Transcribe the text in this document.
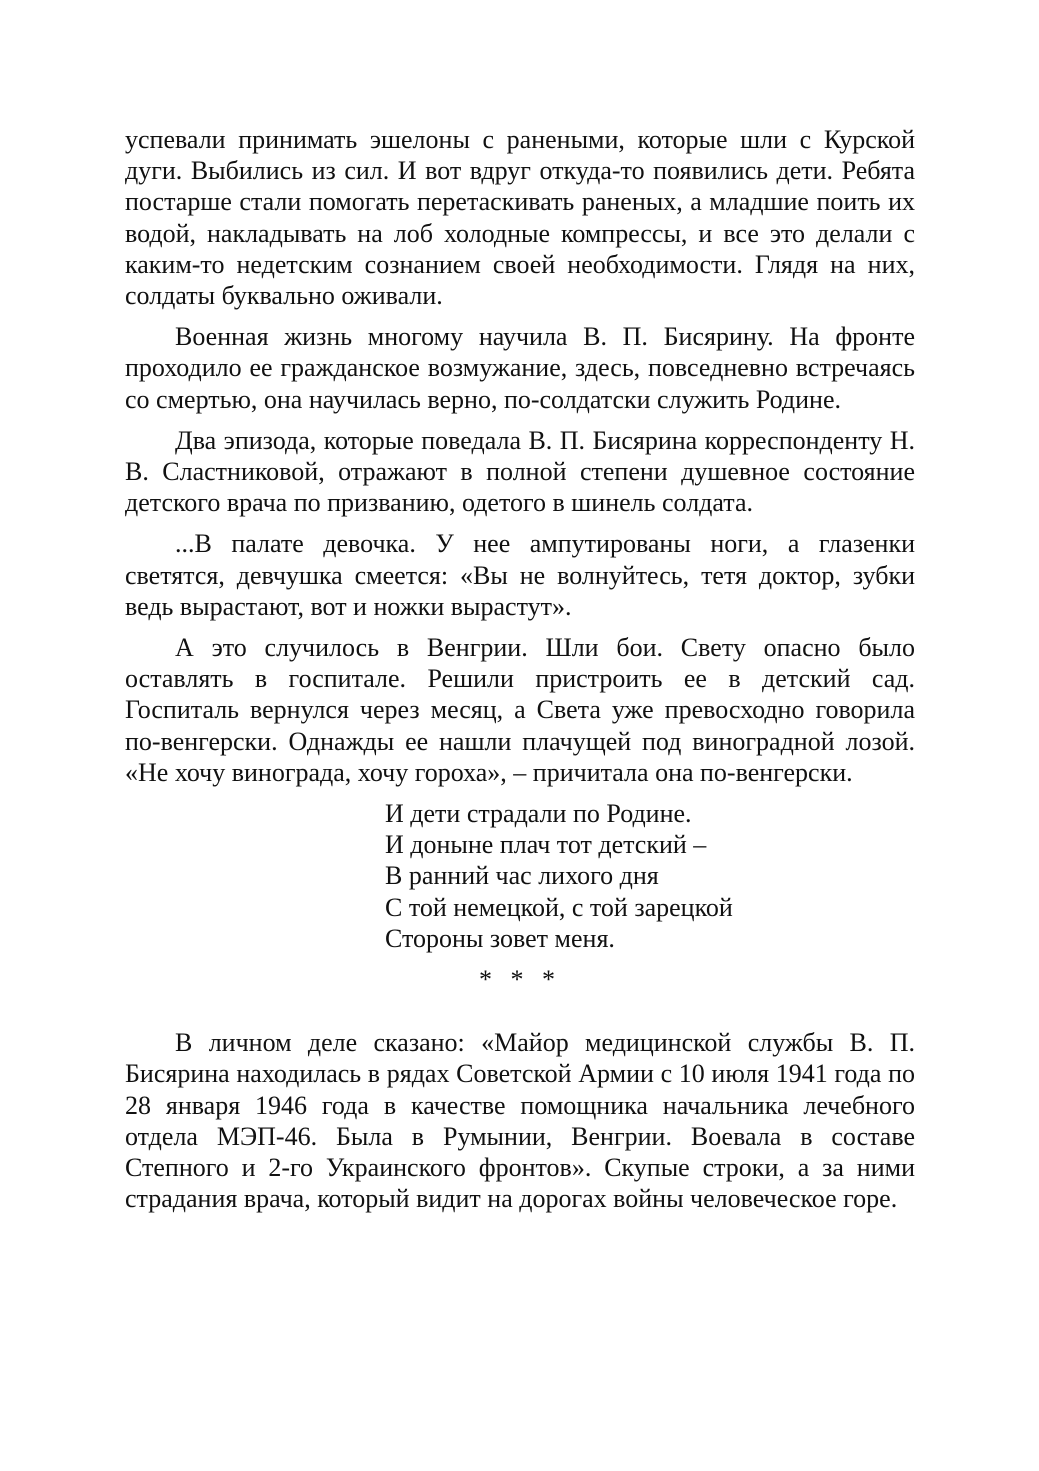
успевали принимать эшелоны с ранеными, которые шли с Курской дуги. Выбились из сил. И вот вдруг откуда-то появились дети. Ребята постарше стали помогать перетаскивать раненых, а младшие поить их водой, накладывать на лоб холодные компрессы, и все это делали с каким-то недетским сознанием своей необходимости. Глядя на них, солдаты буквально оживали.

Военная жизнь многому научила В. П. Бисярину. На фронте проходило ее гражданское возмужание, здесь, повседневно встречаясь со смертью, она научилась верно, по-солдатски служить Родине.

Два эпизода, которые поведала В. П. Бисярина корреспонденту Н. В. Сластниковой, отражают в полной степени душевное состояние детского врача по призванию, одетого в шинель солдата.

...В палате девочка. У нее ампутированы ноги, а глазенки светятся, девчушка смеется: «Вы не волнуйтесь, тетя доктор, зубки ведь вырастают, вот и ножки вырастут».

А это случилось в Венгрии. Шли бои. Свету опасно было оставлять в госпитале. Решили пристроить ее в детский сад. Госпиталь вернулся через месяц, а Света уже превосходно говорила по-венгерски. Однажды ее нашли плачущей под виноградной лозой. «Не хочу винограда, хочу гороха», – причитала она по-венгерски.

И дети страдали по Родине.
И доныне плач тот детский –
В ранний час лихого дня
С той немецкой, с той зарецкой
Стороны зовет меня.
* * *

В личном деле сказано: «Майор медицинской службы В. П. Бисярина находилась в рядах Советской Армии с 10 июля 1941 года по 28 января 1946 года в качестве помощника начальника лечебного отдела МЭП-46. Была в Румынии, Венгрии. Воевала в составе Степного и 2-го Украинского фронтов». Скупые строки, а за ними страдания врача, который видит на дорогах войны человеческое горе.
